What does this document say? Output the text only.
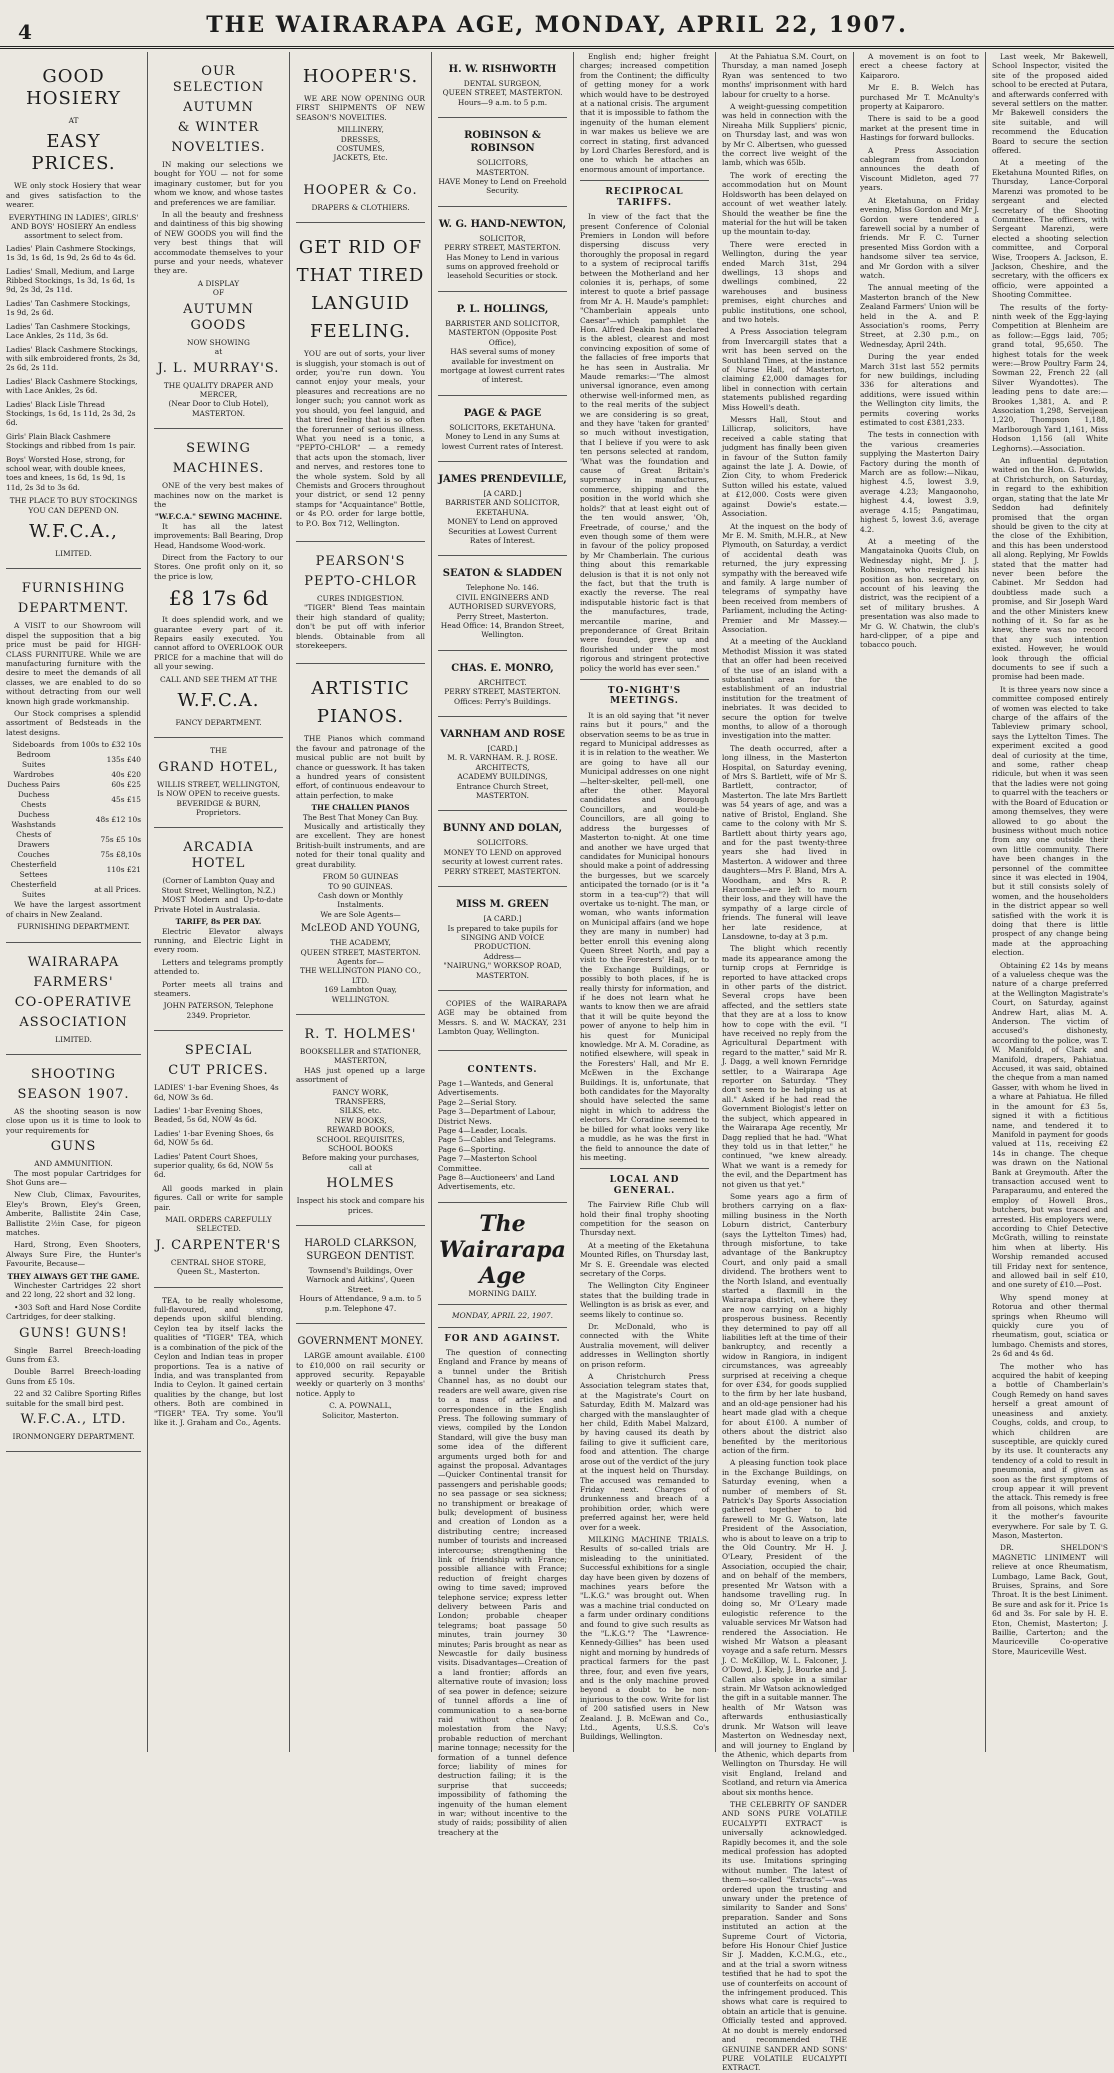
4	THE WAIRARAPA AGE, MONDAY, APRIL 22, 1907.
GOOD HOSIERY
AT
EASY PRICES.

WE only stock Hosiery that wear and gives satisfaction to the wearer.

EVERYTHING IN LADIES', GIRLS' AND BOYS' HOSIERY An endless assortment to select from.

Ladies' Plain Cashmere Stockings, 1s 3d, 1s 6d, 1s 9d, 2s 6d to 4s 6d.
Ladies' Small, Medium, and Large Ribbed Stockings, 1s 3d, 1s 6d, 1s 9d, 2s 3d, 2s 11d.
Ladies' Tan Cashmere Stockings, 1s 9d, 2s 6d.
Ladies' Tan Cashmere Stockings, Lace Ankles, 2s 11d, 3s 6d.
Ladies' Black Cashmere Stockings, with silk embroidered fronts, 2s 3d, 2s 6d, 2s 11d.
Ladies' Black Cashmere Stockings, with Lace Ankles, 2s 6d.
Ladies' Black Lisle Thread Stockings, 1s 6d, 1s 11d, 2s 3d, 2s 6d.
Girls' Plain Black Cashmere Stockings and ribbed from 1s pair.
Boys' Worsted Hose, strong, for school wear, with double knees, toes and knees, 1s 6d, 1s 9d, 1s 11d, 2s 3d to 3s 6d.
THE PLACE TO BUY STOCKINGS
YOU CAN DEPEND ON.
W.F.C.A.,
LIMITED.
FURNISHING
DEPARTMENT.

A VISIT to our Showroom will dispel the supposition that a big price must be paid for HIGH-CLASS FURNITURE. While we are manufacturing furniture with the desire to meet the demands of all classes, we are enabled to do so without detracting from our well known high grade workmanship.

Our Stock comprises a splendid assortment of Bedsteads in the latest designs.

Sideboards	from 100s to £32 10s
Bedroom Suites	135s £40
Wardrobes	40s £20
Duchess Pairs	60s £25
Duchess Chests	45s £15
Duchess Washstands	48s £12 10s
Chests of Drawers	75s £5 10s
Couches	75s £8,10s
Chesterfield Settees	110s £21
Chesterfield Suites	at all Prices.

We have the largest assortment of chairs in New Zealand.

FURNISHING DEPARTMENT.
WAIRARAPA
FARMERS'
CO-OPERATIVE
ASSOCIATION
LIMITED.
SHOOTING
SEASON 1907.

AS the shooting season is now close upon us it is time to look to your requirements for

GUNS
AND AMMUNITION.

The most popular Cartridges for Shot Guns are—

New Club, Climax, Favourites, Eley's Brown, Eley's Green, Amberite, Ballistite 24in Case, Ballistite 2½in Case, for pigeon matches.

Hard, Strong, Even Shooters, Always Sure Fire, the Hunter's Favourite, Because—

THEY ALWAYS GET THE GAME.

Winchester Cartridges 22 short and 22 long, 22 short and 32 long.

•303 Soft and Hard Nose Cordite Cartridges, for deer stalking.

GUNS! GUNS!

Single Barrel Breech-loading Guns from £3.

Double Barrel Breech-loading Guns from £5 10s.

22 and 32 Calibre Sporting Rifles suitable for the small bird pest.

W.F.C.A., LTD.
IRONMONGERY DEPARTMENT.
OUR SELECTION
AUTUMN
& WINTER
NOVELTIES.

IN making our selections we bought for YOU — not for some imaginary customer, but for you whom we know, and whose tastes and preferences we are familiar.

In all the beauty and freshness and daintiness of this big showing of NEW GOODS you will find the very best things that will accommodate themselves to your purse and your needs, whatever they are.

A DISPLAY
OF
AUTUMN GOODS
NOW SHOWING
at
J. L. MURRAY'S.
THE QUALITY DRAPER AND MERCER,
(Near Door to Club Hotel), MASTERTON.
SEWING
MACHINES.

ONE of the very best makes of machines now on the market is the

"W.F.C.A." SEWING MACHINE.

It has all the latest improvements: Ball Bearing, Drop Head, Handsome Wood-work.

Direct from the Factory to our Stores. One profit only on it, so the price is low,

£8 17s 6d

It does splendid work, and we guarantee every part of it. Repairs easily executed. You cannot afford to OVERLOOK OUR PRICE for a machine that will do all your sewing.

CALL AND SEE THEM AT THE
W.F.C.A.
FANCY DEPARTMENT.
THE
GRAND HOTEL,
WILLIS STREET, WELLINGTON,
Is NOW OPEN to receive guests.
BEVERIDGE & BURN, Proprietors.
ARCADIA HOTEL
(Corner of Lambton Quay and Stout Street, Wellington, N.Z.)

MOST Modern and Up-to-date Private Hotel in Australasia.

TARIFF, 8s PER DAY.

Electric Elevator always running, and Electric Light in every room.

Letters and telegrams promptly attended to.

Porter meets all trains and steamers.

JOHN PATERSON, Telephone 2349. Proprietor.
SPECIAL
CUT PRICES.
LADIES' 1-bar Evening Shoes, 4s 6d, NOW 3s 6d.
Ladies' 1-bar Evening Shoes, Beaded, 5s 6d, NOW 4s 6d.
Ladies' 1-bar Evening Shoes, 6s 6d, NOW 5s 6d.
Ladies' Patent Court Shoes, superior quality, 6s 6d, NOW 5s 6d.

All goods marked in plain figures. Call or write for sample pair.

MAIL ORDERS CAREFULLY SELECTED.
J. CARPENTER'S
CENTRAL SHOE STORE,
Queen St., Masterton.

TEA, to be really wholesome, full-flavoured, and strong, depends upon skilful blending. Ceylon tea by itself lacks the qualities of "TIGER" TEA, which is a combination of the pick of the Ceylon and Indian teas in proper proportions. Tea is a native of India, and was transplanted from India to Ceylon. It gained certain qualities by the change, but lost others. Both are combined in "TIGER" TEA. Try some. You'll like it. J. Graham and Co., Agents.

HOOPER'S.

WE ARE NOW OPENING OUR FIRST SHIPMENTS OF NEW SEASON'S NOVELTIES.

MILLINERY,
DRESSES,
COSTUMES,
JACKETS, Etc.
HOOPER & Co.
DRAPERS & CLOTHIERS.
GET RID OF
THAT TIRED
LANGUID
FEELING.

YOU are out of sorts, your liver is sluggish, your stomach is out of order, you're run down. You cannot enjoy your meals, your pleasures and recreations are no longer such; you cannot work as you should, you feel languid, and that tired feeling that is so often the forerunner of serious illness. What you need is a tonic, a "PEPTO-CHLOR" — a remedy that acts upon the stomach, liver and nerves, and restores tone to the whole system. Sold by all Chemists and Grocers throughout your district, or send 12 penny stamps for "Acquaintance" Bottle, or 4s P.O. order for large bottle, to P.O. Box 712, Wellington.

PEARSON'S
PEPTO-CHLOR
CURES INDIGESTION.

"TIGER" Blend Teas maintain their high standard of quality; don't be put off with inferior blends. Obtainable from all storekeepers.

ARTISTIC
PIANOS.

THE Pianos which command the favour and patronage of the musical public are not built by chance or guesswork. It has taken a hundred years of consistent effort, of continuous endeavour to attain perfection, to make

THE CHALLEN PIANOS
The Best That Money Can Buy.

Musically and artistically they are excellent. They are honest British-built instruments, and are noted for their tonal quality and great durability.

FROM 50 GUINEAS
TO 90 GUINEAS.
Cash down or Monthly Instalments.
We are Sole Agents—
McLEOD AND YOUNG,
THE ACADEMY,
QUEEN STREET, MASTERTON.
Agents for—
THE WELLINGTON PIANO CO., LTD.
169 Lambton Quay, WELLINGTON.
R. T. HOLMES'
BOOKSELLER and STATIONER, MASTERTON,

HAS just opened up a large assortment of

FANCY WORK,
TRANSFERS,
SILKS, etc.
NEW BOOKS,
REWARD BOOKS,
SCHOOL REQUISITES,
SCHOOL BOOKS
Before making your purchases, call at
HOLMES
Inspect his stock and compare his prices.
HAROLD CLARKSON, SURGEON DENTIST.
Townsend's Buildings, Over Warnock and Aitkins', Queen Street.
Hours of Attendance, 9 a.m. to 5 p.m. Telephone 47.
GOVERNMENT MONEY.

LARGE amount available. £100 to £10,000 on rail security or approved security. Repayable weekly or quarterly on 3 months' notice. Apply to

C. A. POWNALL,
Solicitor, Masterton.
H. W. RISHWORTH
DENTAL SURGEON,
QUEEN STREET, MASTERTON.
Hours—9 a.m. to 5 p.m.
ROBINSON & ROBINSON
SOLICITORS,
MASTERTON.
HAVE Money to Lend on Freehold Security.
W. G. HAND-NEWTON,
SOLICITOR,
PERRY STREET, MASTERTON.
Has Money to Lend in various sums on approved freehold or leasehold Securities or stock.
P. L. HOLLINGS,
BARRISTER AND SOLICITOR,
MASTERTON (Opposite Post Office),
HAS several sums of money available for investment on mortgage at lowest current rates of interest.
PAGE & PAGE
SOLICITORS, EKETAHUNA.
Money to Lend in any Sums at lowest Current rates of Interest.
JAMES PRENDEVILLE,
[A CARD.]
BARRISTER AND SOLICITOR,
EKETAHUNA.
MONEY to Lend on approved Securities at Lowest Current Rates of Interest.
SEATON & SLADDEN
Telephone No. 146.
CIVIL ENGINEERS AND AUTHORISED SURVEYORS,
Perry Street, Masterton.
Head Office: 14, Brandon Street, Wellington.
CHAS. E. MONRO,
ARCHITECT.
PERRY STREET, MASTERTON.
Offices: Perry's Buildings.
VARNHAM AND ROSE
[CARD.]
M. R. VARNHAM. R. J. ROSE.
ARCHITECTS,
ACADEMY BUILDINGS,
Entrance Church Street, MASTERTON.
BUNNY AND DOLAN,
SOLICITORS.
MONEY TO LEND on approved security at lowest current rates.
PERRY STREET, MASTERTON.
MISS M. GREEN
[A CARD.]
Is prepared to take pupils for SINGING AND VOICE PRODUCTION.
Address—
"NAIRUNG," WORKSOP ROAD, MASTERTON.

COPIES of the WAIRARAPA AGE may be obtained from Messrs. S. and W. MACKAY, 231 Lambton Quay, Wellington.

CONTENTS.
Page 1—Wanteds, and General Advertisements.
Page 2—Serial Story.
Page 3—Department of Labour, District News.
Page 4—Leader, Locals.
Page 5—Cables and Telegrams.
Page 6—Sporting.
Page 7—Masterton School Committee.
Page 8—Auctioneers' and Land Advertisements, etc.
The Wairarapa Age
MORNING DAILY.
MONDAY, APRIL 22, 1907.
FOR AND AGAINST.

The question of connecting England and France by means of a tunnel under the British Channel has, as no doubt our readers are well aware, given rise to a mass of articles and correspondence in the English Press. The following summary of views, compiled by the London Standard, will give the busy man some idea of the different arguments urged both for and against the proposal. Advantages—Quicker Continental transit for passengers and perishable goods; no sea passage or sea sickness; no transhipment or breakage of bulk; development of business and creation of London as a distributing centre; increased number of tourists and increased intercourse; strengthening the link of friendship with France; possible alliance with France; reduction of freight charges owing to time saved; improved telephone service; express letter delivery between Paris and London; probable cheaper telegrams; boat passage 50 minutes, train journey 30 minutes; Paris brought as near as Newcastle for daily business visits. Disadvantages—Creation of a land frontier; affords an alternative route of invasion; loss of sea power in defence; seizure of tunnel affords a line of communication to a sea-borne raid without chance of molestation from the Navy; probable reduction of merchant marine tonnage; necessity for the formation of a tunnel defence force; liability of mines for destruction failing; it is the surprise that succeeds; impossibility of fathoming the ingenuity of the human element in war; without incentive to the study of raids; possibility of alien treachery at the

English end; higher freight charges; increased competition from the Continent; the difficulty of getting money for a work which would have to be destroyed at a national crisis. The argument that it is impossible to fathom the ingenuity of the human element in war makes us believe we are correct in stating, first advanced by Lord Charles Beresford, and is one to which he attaches an enormous amount of importance.

RECIPROCAL TARIFFS.

In view of the fact that the present Conference of Colonial Premiers in London will before dispersing discuss very thoroughly the proposal in regard to a system of reciprocal tariffs between the Motherland and her colonies it is, perhaps, of some interest to quote a brief passage from Mr A. H. Maude's pamphlet: "Chamberlain appeals unto Caesar"—which pamphlet the Hon. Alfred Deakin has declared is the ablest, clearest and most convincing exposition of some of the fallacies of free imports that he has seen in Australia. Mr Maude remarks:—"The almost universal ignorance, even among otherwise well-informed men, as to the real merits of the subject we are considering is so great, and they have 'taken for granted' so much without investigation, that I believe if you were to ask ten persons selected at random, 'What was the foundation and cause of Great Britain's supremacy in manufactures, commerce, shipping and the position in the world which she holds?' that at least eight out of the ten would answer, 'Oh, Freetrade, of course,' and the even though some of them were in favour of the policy proposed by Mr Chamberlain. The curious thing about this remarkable delusion is that it is not only not the fact, but that the truth is exactly the reverse. The real indisputable historic fact is that the manufactures, trade, mercantile marine, and preponderance of Great Britain were founded, grew up and flourished under the most rigorous and stringent protective policy the world has ever seen."

TO-NIGHT'S MEETINGS.

It is an old saying that "it never rains but it pours," and the observation seems to be as true in regard to Municipal addresses as it is in relation to the weather. We are going to have all our Municipal addresses on one night—helter-skelter, pell-mell, one after the other. Mayoral candidates and Borough Councillors, and would-be Councillors, are all going to address the burgesses of Masterton to-night. At one time and another we have urged that candidates for Municipal honours should make a point of addressing the burgesses, but we scarcely anticipated the tornado (or is it "a storm in a tea-cup"?) that will overtake us to-night. The man, or woman, who wants information on Municipal affairs (and we hope they are many in number) had better enroll this evening along Queen Street North, and pay a visit to the Foresters' Hall, or to the Exchange Buildings, or possibly to both places, if he is really thirsty for information, and if he does not learn what he wants to know then we are afraid that it will be quite beyond the power of anyone to help him in his quest for Municipal knowledge. Mr A. M. Coradine, as notified elsewhere, will speak in the Foresters' Hall, and Mr E. McEwen in the Exchange Buildings. It is, unfortunate, that both candidates for the Mayoralty should have selected the same night in which to address the electors. Mr Coradine seemed to be billed for what looks very like a muddle, as he was the first in the field to announce the date of his meeting.

LOCAL AND GENERAL.

The Fairview Rifle Club will hold their final trophy shooting competition for the season on Thursday next.

At a meeting of the Eketahuna Mounted Rifles, on Thursday last, Mr S. E. Greendale was elected secretary of the Corps.

The Wellington City Engineer states that the building trade in Wellington is as brisk as ever, and seems likely to continue so.

Dr. McDonald, who is connected with the White Australia movement, will deliver addresses in Wellington shortly on prison reform.

A Christchurch Press Association telegram states that, at the Magistrate's Court on Saturday, Edith M. Malzard was charged with the manslaughter of her child, Edith Mabel Malzard, by having caused its death by failing to give it sufficient care, food and attention. The charge arose out of the verdict of the jury at the inquest held on Thursday. The accused was remanded to Friday next. Charges of drunkenness and breach of a prohibition order, which were preferred against her, were held over for a week.

MILKING MACHINE TRIALS. Results of so-called trials are misleading to the uninitiated. Successful exhibitions for a single day have been given by dozens of machines years before the "L.K.G." was brought out. When was a machine trial conducted on a farm under ordinary conditions and found to give such results as the "L.K.G."? The "Lawrence-Kennedy-Gillies" has been used night and morning by hundreds of practical farmers for the past three, four, and even five years, and is the only machine proved beyond a doubt to be non-injurious to the cow. Write for list of 200 satisfied users in New Zealand. J. B. McEwan and Co., Ltd., Agents, U.S.S. Co's Buildings, Wellington.

At the Pahiatua S.M. Court, on Thursday, a man named Joseph Ryan was sentenced to two months' imprisonment with hard labour for cruelty to a horse.

A weight-guessing competition was held in connection with the Nireaha Milk Suppliers' picnic, on Thursday last, and was won by Mr C. Albertsen, who guessed the correct live weight of the lamb, which was 65lb.

The work of erecting the accommodation hut on Mount Holdsworth has been delayed on account of wet weather lately. Should the weather be fine the material for the hut will be taken up the mountain to-day.

There were erected in Wellington, during the year ended March 31st, 294 dwellings, 13 shops and dwellings combined, 22 warehouses and business premises, eight churches and public institutions, one school, and two hotels.

A Press Association telegram from Invercargill states that a writ has been served on the Southland Times, at the instance of Nurse Hall, of Masterton, claiming £2,000 damages for libel in connection with certain statements published regarding Miss Howell's death.

Messrs Hall, Stout and Lillicrap, solicitors, have received a cable stating that judgment has finally been given in favour of the Sutton family against the late J. A. Dowie, of Zion City, to whom Frederick Sutton willed his estate, valued at £12,000. Costs were given against Dowie's estate.—Association.

At the inquest on the body of Mr E. M. Smith, M.H.R., at New Plymouth, on Saturday, a verdict of accidental death was returned, the jury expressing sympathy with the bereaved wife and family. A large number of telegrams of sympathy have been received from members of Parliament, including the Acting-Premier and Mr Massey.—Association.

At a meeting of the Auckland Methodist Mission it was stated that an offer had been received of the use of an island with a substantial area for the establishment of an industrial institution for the treatment of inebriates. It was decided to secure the option for twelve months, to allow of a thorough investigation into the matter.

The death occurred, after a long illness, in the Masterton Hospital, on Saturday evening, of Mrs S. Bartlett, wife of Mr S. Bartlett, contractor, of Masterton. The late Mrs Bartlett was 54 years of age, and was a native of Bristol, England. She came to the colony with Mr S. Bartlett about thirty years ago, and for the past twenty-three years she had lived in Masterton. A widower and three daughters—Mrs F. Bland, Mrs A. Woodham, and Mrs R. P. Harcombe—are left to mourn their loss, and they will have the sympathy of a large circle of friends. The funeral will leave her late residence, at Lansdowne, to-day at 3 p.m.

The blight which recently made its appearance among the turnip crops at Fernridge is reported to have attacked crops in other parts of the district. Several crops have been affected, and the settlers state that they are at a loss to know how to cope with the evil. "I have received no reply from the Agricultural Department with regard to the matter," said Mr R. J. Dagg, a well known Fernridge settler, to a Wairarapa Age reporter on Saturday. "They don't seem to be helping us at all." Asked if he had read the Government Biologist's letter on the subject, which appeared in the Wairarapa Age recently, Mr Dagg replied that he had. "What they told us in that letter," he continued, "we knew already. What we want is a remedy for the evil, and the Department has not given us that yet."

Some years ago a firm of brothers carrying on a flax-milling business in the North Loburn district, Canterbury (says the Lyttelton Times) had, through misfortune, to take advantage of the Bankruptcy Court, and only paid a small dividend. The brothers went to the North Island, and eventually started a flaxmill in the Wairarapa district, where they are now carrying on a highly prosperous business. Recently they determined to pay off all liabilities left at the time of their bankruptcy, and recently a widow in Rangiora, in indigent circumstances, was agreeably surprised at receiving a cheque for over £34, for goods supplied to the firm by her late husband, and an old-age pensioner had his heart made glad with a cheque for about £100. A number of others about the district also benefited by the meritorious action of the firm.

A pleasing function took place in the Exchange Buildings, on Saturday evening, when a number of members of St. Patrick's Day Sports Association gathered together to bid farewell to Mr G. Watson, late President of the Association, who is about to leave on a trip to the Old Country. Mr H. J. O'Leary, President of the Association, occupied the chair, and on behalf of the members, presented Mr Watson with a handsome travelling rug. In doing so, Mr O'Leary made eulogistic reference to the valuable services Mr Watson had rendered the Association. He wished Mr Watson a pleasant voyage and a safe return. Messrs J. C. McKillop, W. L. Falconer, J. O'Dowd, J. Kiely, J. Bourke and J. Callen also spoke in a similar strain. Mr Watson acknowledged the gift in a suitable manner. The health of Mr Watson was afterwards enthusiastically drunk. Mr Watson will leave Masterton on Wednesday next, and will journey to England by the Athenic, which departs from Wellington on Thursday. He will visit England, Ireland and Scotland, and return via America about six months hence.

THE CELEBRITY OF SANDER AND SONS PURE VOLATILE EUCALYPTI EXTRACT is universally acknowledged. Rapidly becomes it, and the sole medical profession has adopted its use. Imitations springing without number. The latest of them—so-called "Extracts"—was ordered upon the trusting and unwary under the pretence of similarity to Sander and Sons' preparation. Sander and Sons instituted an action at the Supreme Court of Victoria, before His Honour Chief Justice Sir J. Madden, K.C.M.G., etc., and at the trial a sworn witness testified that he had to spot the use of counterfeits on account of the infringement produced. This shows what care is required to obtain an article that is genuine. Officially tested and approved. At no doubt is merely endorsed and recommended THE GENUINE SANDER AND SONS' PURE VOLATILE EUCALYPTI EXTRACT.

A movement is on foot to erect a cheese factory at Kaiparoro.

Mr E. B. Welch has purchased Mr T. McAnulty's property at Kaiparoro.

There is said to be a good market at the present time in Hastings for forward bullocks.

A Press Association cablegram from London announces the death of Viscount Midleton, aged 77 years.

At Eketahuna, on Friday evening, Miss Gordon and Mr J. Gordon were tendered a farewell social by a number of friends. Mr F. C. Turner presented Miss Gordon with a handsome silver tea service, and Mr Gordon with a silver watch.

The annual meeting of the Masterton branch of the New Zealand Farmers' Union will be held in the A. and P. Association's rooms, Perry Street, at 2.30 p.m., on Wednesday, April 24th.

During the year ended March 31st last 552 permits for new buildings, including 336 for alterations and additions, were issued within the Wellington city limits, the permits covering works estimated to cost £381,233.

The tests in connection with the various creameries supplying the Masterton Dairy Factory during the month of March are as follow:—Nikau, highest 4.5, lowest 3.9, average 4.23; Mangaonoho, highest 4.4, lowest 3.9, average 4.15; Pangatimau, highest 5, lowest 3.6, average 4.2.

At a meeting of the Mangatainoka Quoits Club, on Wednesday night, Mr J. J. Robinson, who resigned his position as hon. secretary, on account of his leaving the district, was the recipient of a set of military brushes. A presentation was also made to Mr G. W. Chatwin, the club's hard-clipper, of a pipe and tobacco pouch.

Last week, Mr Bakewell, School Inspector, visited the site of the proposed aided school to be erected at Putara, and afterwards conferred with several settlers on the matter. Mr Bakewell considers the site suitable, and will recommend the Education Board to secure the section offered.

At a meeting of the Eketahuna Mounted Rifles, on Thursday, Lance-Corporal Marenzi was promoted to be sergeant and elected secretary of the Shooting Committee. The officers, with Sergeant Marenzi, were elected a shooting selection committee, and Corporal Wise, Troopers A. Jackson, E. Jackson, Cheshire, and the secretary, with the officers ex officio, were appointed a Shooting Committee.

The results of the forty-ninth week of the Egg-laying Competition at Blenheim are as follow:—Eggs laid, 705; grand total, 95,650. The highest totals for the week were:—Brow Poultry Farm 24, Sowman 22, French 22 (all Silver Wyandottes). The leading pens to date are:—Brookes 1,381, A. and P. Association 1,298, Serveijean 1,220, Thompson 1,188, Marlborough Yard 1,161, Miss Hodson 1,156 (all White Leghorns).—Association.

An influential deputation waited on the Hon. G. Fowlds, at Christchurch, on Saturday, in regard to the exhibition organ, stating that the late Mr Seddon had definitely promised that the organ should be given to the city at the close of the Exhibition, and this has been understood all along. Replying, Mr Fowlds stated that the matter had never been before the Cabinet. Mr Seddon had doubtless made such a promise, and Sir Joseph Ward and the other Ministers knew nothing of it. So far as he knew, there was no record that any such intention existed. However, he would look through the official documents to see if such a promise had been made.

It is three years now since a committee composed entirely of women was elected to take charge of the affairs of the Tableview primary school, says the Lyttelton Times. The experiment excited a good deal of curiosity at the time, and some, rather cheap ridicule, but when it was seen that the ladies were not going to quarrel with the teachers or with the Board of Education or among themselves, they were allowed to go about the business without much notice from any one outside their own little community. There have been changes in the personnel of the committee since it was elected in 1904, but it still consists solely of women, and the householders in the district appear so well satisfied with the work it is doing that there is little prospect of any change being made at the approaching election.

Obtaining £2 14s by means of a valueless cheque was the nature of a charge preferred at the Wellington Magistrate's Court, on Saturday, against Andrew Hart, alias M. A. Anderson. The victim of accused's dishonesty, according to the police, was T. W. Manifold, of Clark and Manifold, drapers, Pahiatua. Accused, it was said, obtained the cheque from a man named Gasser, with whom he lived in a whare at Pahiatua. He filled in the amount for £3 5s, signed it with a fictitious name, and tendered it to Manifold in payment for goods valued at 11s, receiving £2 14s in change. The cheque was drawn on the National Bank at Greymouth. After the transaction accused went to Paraparaumu, and entered the employ of Howell Bros., butchers, but was traced and arrested. His employers were, according to Chief Detective McGrath, willing to reinstate him when at liberty. His Worship remanded accused till Friday next for sentence, and allowed bail in self £10, and one surety of £10.—Post.

Why spend money at Rotorua and other thermal springs when Rheumo will quickly cure you of rheumatism, gout, sciatica or lumbago. Chemists and stores, 2s 6d and 4s 6d.

The mother who has acquired the habit of keeping a bottle of Chamberlain's Cough Remedy on hand saves herself a great amount of uneasiness and anxiety. Coughs, colds, and croup, to which children are susceptible, are quickly cured by its use. It counteracts any tendency of a cold to result in pneumonia, and if given as soon as the first symptoms of croup appear it will prevent the attack. This remedy is free from all poisons, which makes it the mother's favourite everywhere. For sale by T. G. Mason, Masterton.

DR. SHELDON'S MAGNETIC LINIMENT will relieve at once Rheumatism, Lumbago, Lame Back, Gout, Bruises, Sprains, and Sore Throat. It is the best Liniment. Be sure and ask for it. Price 1s 6d and 3s. For sale by H. E. Eton, Chemist, Masterton; J. Baillie, Carterton; and the Mauriceville Co-operative Store, Mauriceville West.
